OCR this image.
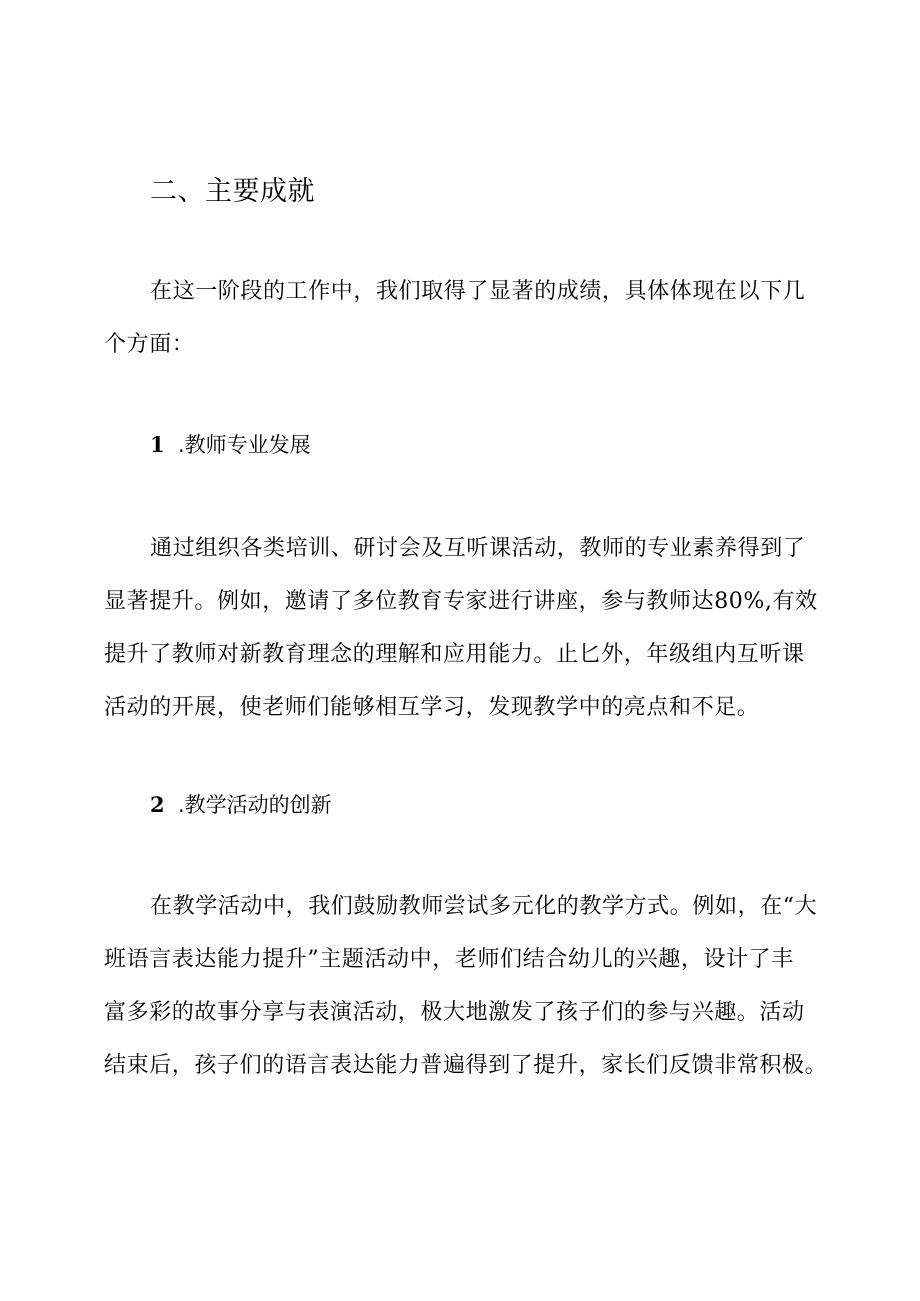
二、主要成就

在这一阶段的工作中，我们取得了显著的成绩，具体体现在以下几

个方面：

1 .教师专业发展

通过组织各类培训、研讨会及互听课活动，教师的专业素养得到了

显著提升。例如，邀请了多位教育专家进行讲座，参与教师达80%,有效

提升了教师对新教育理念的理解和应用能力。止匕外，年级组内互听课

活动的开展，使老师们能够相互学习，发现教学中的亮点和不足。

2 .教学活动的创新

在教学活动中，我们鼓励教师尝试多元化的教学方式。例如，在“大

班语言表达能力提升”主题活动中，老师们结合幼儿的兴趣，设计了丰

富多彩的故事分享与表演活动，极大地激发了孩子们的参与兴趣。活动

结束后，孩子们的语言表达能力普遍得到了提升，家长们反馈非常积极。
